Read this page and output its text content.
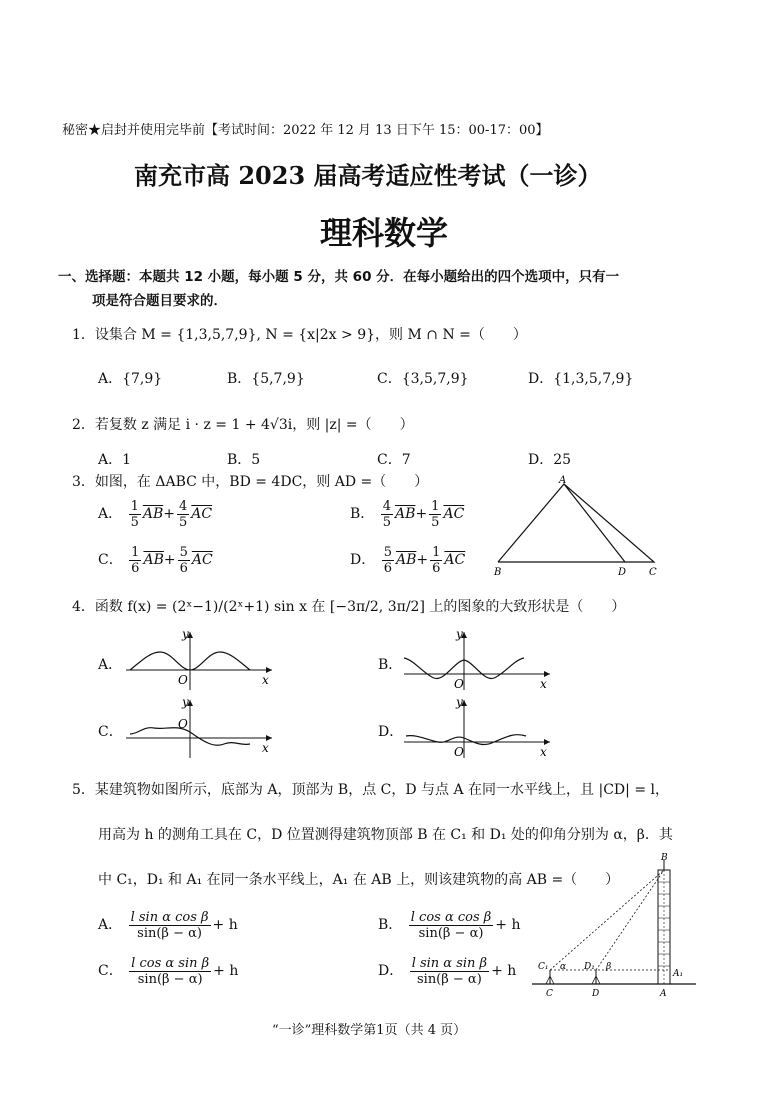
秘密★启封并使用完毕前【考试时间：2022 年 12 月 13 日下午 15：00-17：00】
南充市高 2023 届高考适应性考试（一诊）
理科数学
一、选择题：本题共 12 小题，每小题 5 分，共 60 分．在每小题给出的四个选项中，只有一
项是符合题目要求的．
1．设集合 M = {1,3,5,7,9}, N = {x|2x > 9}，则 M ∩ N =（　　）
A．{7,9}	B．{5,7,9}	C．{3,5,7,9}	D．{1,3,5,7,9}
2．若复数 z 满足 i · z = 1 + 4√3i，则 |z| =（　　）
A．1	B．5	C．7	D．25
3．如图，在 ΔABC 中，BD = 4DC，则 AD =（　　）
A． $\frac{1}{5} \overline{AB}+ \frac{4}{5} \overline{AC}$	B． $\frac{4}{5} \overline{AB}+ \frac{1}{5} \overline{AC}$
C． $\frac{1}{6} \overline{AB}+ \frac{5}{6} \overline{AC}$	D． $\frac{5}{6} \overline{AB}+ \frac{1}{6} \overline{AC}$
A
B	D C
4．函数 f(x) = (2ˣ−1)/(2ˣ+1) sin x 在 [−3π/2, 3π/2] 上的图象的大致形状是（　　）
A．
y
x
O
B．
y
x
O
C．
y
x
O	D．
y
x
O
5．某建筑物如图所示，底部为 A，顶部为 B，点 C，D 与点 A 在同一水平线上，且 |CD| = l，
用高为 h 的测角工具在 C，D 位置测得建筑物顶部 B 在 C₁ 和 D₁ 处的仰角分别为 α，β．其
中 C₁，D₁ 和 A₁ 在同一条水平线上，A₁ 在 AB 上，则该建筑物的高 AB =（　　）
A． $\frac{\text{l sin α cos β}}{\sin(\beta - \alpha)} + h$	B． $\frac{\text{l cos α cos β}}{\sin(\beta - \alpha)} + h$
C． $\frac{\text{l cos α sin β}}{\sin(\beta - \alpha)} + h$	D． $\frac{\text{l sin α sin β}}{\sin(\beta - \alpha)} + h$
B
C₁ α D₁ β
A₁
C	D	A
“一诊”理科数学第1页（共 4 页）
